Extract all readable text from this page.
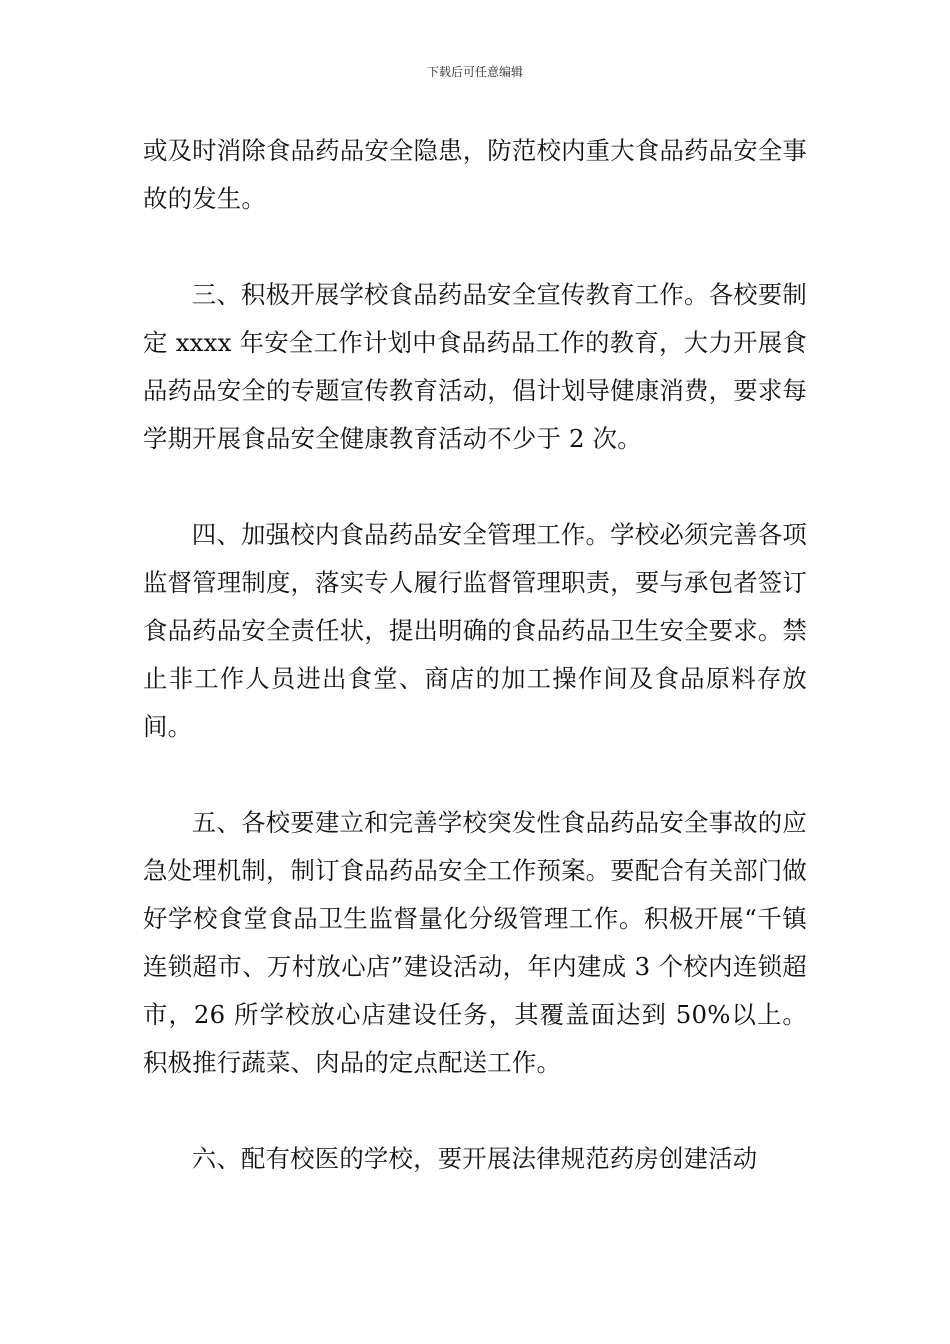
下载后可任意编辑

或及时消除食品药品安全隐患，防范校内重大食品药品安全事故的发生。

三、积极开展学校食品药品安全宣传教育工作。各校要制定 xxxx 年安全工作计划中食品药品工作的教育，大力开展食品药品安全的专题宣传教育活动，倡计划导健康消费，要求每学期开展食品安全健康教育活动不少于 2 次。

四、加强校内食品药品安全管理工作。学校必须完善各项监督管理制度，落实专人履行监督管理职责，要与承包者签订食品药品安全责任状，提出明确的食品药品卫生安全要求。禁止非工作人员进出食堂、商店的加工操作间及食品原料存放间。

五、各校要建立和完善学校突发性食品药品安全事故的应急处理机制，制订食品药品安全工作预案。要配合有关部门做好学校食堂食品卫生监督量化分级管理工作。积极开展“千镇连锁超市、万村放心店”建设活动，年内建成 3 个校内连锁超市，26 所学校放心店建设任务，其覆盖面达到 50%以上。积极推行蔬菜、肉品的定点配送工作。

六、配有校医的学校，要开展法律规范药房创建活动
